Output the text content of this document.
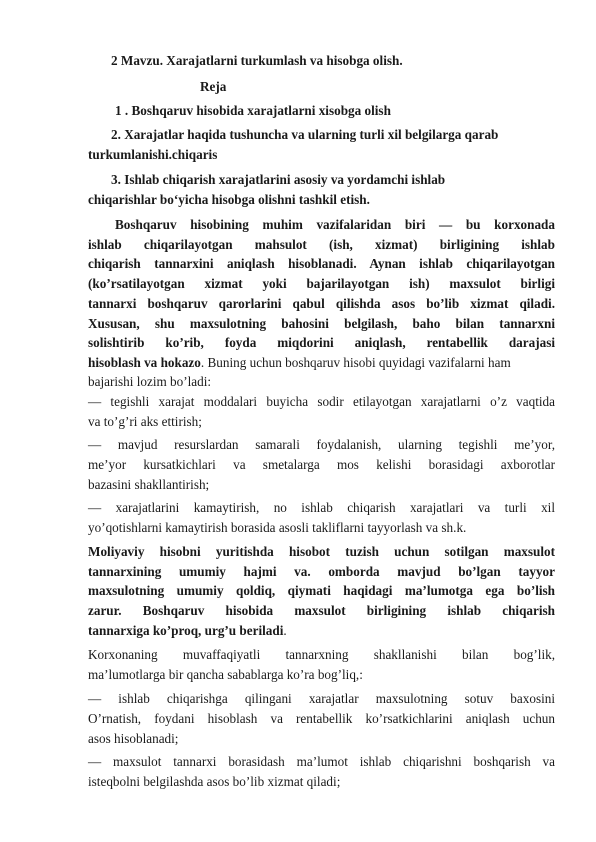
2 Mavzu. Xarajatlarni turkumlash va hisobga olish.
Reja
1 . Boshqaruv hisobida xarajatlarni xisobga olish
2. Xarajatlar haqida tushuncha va ularning turli xil belgilarga qarab
turkumlanishi.chiqaris
3. Ishlab chiqarish xarajatlarini asosiy va yordamchi ishlab
chiqarishlar bo‘yicha hisobga olishni tashkil etish.
Boshqaruv hisobining muhim vazifalaridan biri — bu korxonada
ishlab chiqarilayotgan mahsulot (ish, xizmat) birligining ishlab
chiqarish tannarxini aniqlash hisoblanadi. Aynan ishlab chiqarilayotgan
(ko’rsatilayotgan xizmat yoki bajarilayotgan ish) maxsulot birligi
tannarxi boshqaruv qarorlarini qabul qilishda asos bo’lib xizmat qiladi.
Xususan, shu maxsulotning bahosini belgilash, baho bilan tannarxni
solishtirib ko’rib, foyda miqdorini aniqlash, rentabellik darajasi
hisoblash va hokazo. Buning uchun boshqaruv hisobi quyidagi vazifalarni ham
bajarishi lozim bo’ladi:
— tegishli xarajat moddalari buyicha sodir etilayotgan xarajatlarni o’z vaqtida
va to’g’ri aks ettirish;
— mavjud resurslardan samarali foydalanish, ularning tegishli me’yor,
me’yor kursatkichlari va smetalarga mos kelishi borasidagi axborotlar
bazasini shakllantirish;
— xarajatlarini kamaytirish, no ishlab chiqarish xarajatlari va turli xil
yo’qotishlarni kamaytirish borasida asosli takliflarni tayyorlash va sh.k.
Moliyaviy hisobni yuritishda hisobot tuzish uchun sotilgan maxsulot
tannarxining umumiy hajmi va. omborda mavjud bo’lgan tayyor
maxsulotning umumiy qoldiq, qiymati haqidagi ma’lumotga ega bo’lish
zarur. Boshqaruv hisobida maxsulot birligining ishlab chiqarish
tannarxiga ko’proq, urg’u beriladi.
Korxonaning muvaffaqiyatli tannarxning shakllanishi bilan bog’lik,
ma’lumotlarga bir qancha sabablarga ko’ra bog’liq,:
— ishlab chiqarishga qilingani xarajatlar maxsulotning sotuv baxosini
O’rnatish, foydani hisoblash va rentabellik ko’rsatkichlarini aniqlash uchun
asos hisoblanadi;
— maxsulot tannarxi borasidash ma’lumot ishlab chiqarishni boshqarish va
isteqbolni belgilashda asos bo’lib xizmat qiladi;
